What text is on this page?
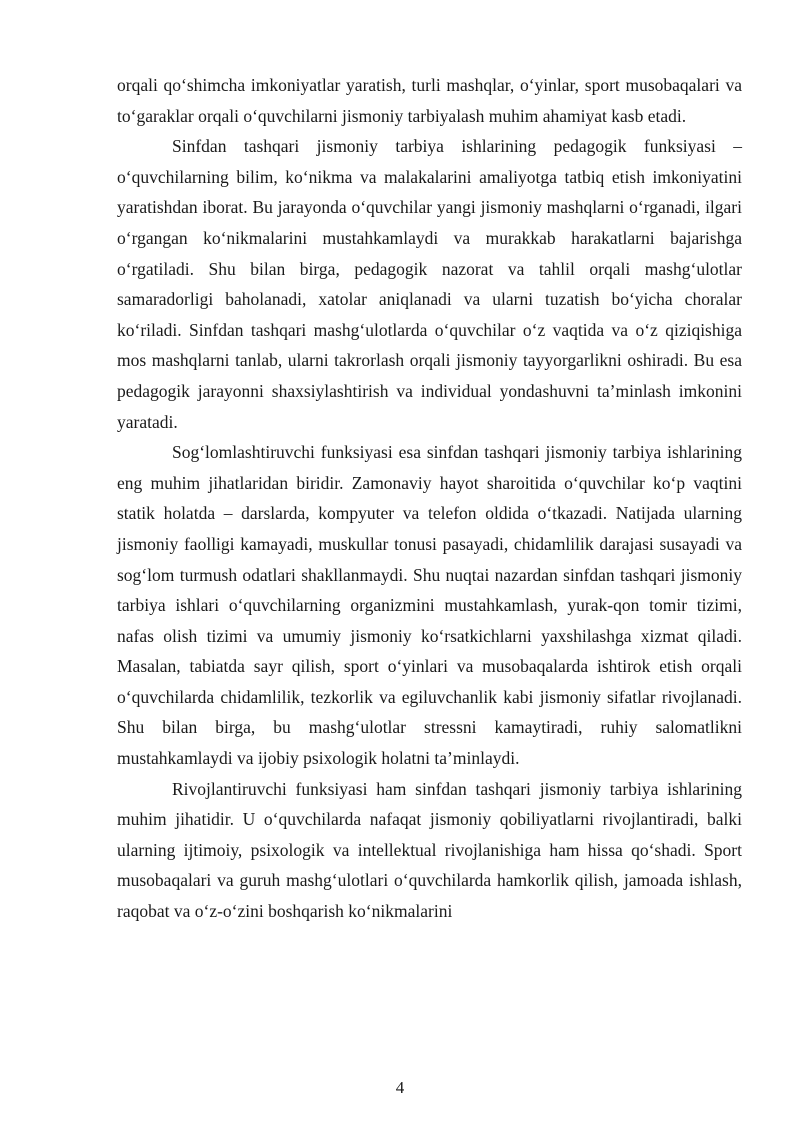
orqali qo‘shimcha imkoniyatlar yaratish, turli mashqlar, o‘yinlar, sport musobaqalari va to‘garaklar orqali o‘quvchilarni jismoniy tarbiyalash muhim ahamiyat kasb etadi.

Sinfdan tashqari jismoniy tarbiya ishlarining pedagogik funksiyasi – o‘quvchilarning bilim, ko‘nikma va malakalarini amaliyotga tatbiq etish imkoniyatini yaratishdan iborat. Bu jarayonda o‘quvchilar yangi jismoniy mashqlarni o‘rganadi, ilgari o‘rgangan ko‘nikmalarini mustahkamlaydi va murakkab harakatlarni bajarishga o‘rgatiladi. Shu bilan birga, pedagogik nazorat va tahlil orqali mashg‘ulotlar samaradorligi baholanadi, xatolar aniqlanadi va ularni tuzatish bo‘yicha choralar ko‘riladi. Sinfdan tashqari mashg‘ulotlarda o‘quvchilar o‘z vaqtida va o‘z qiziqishiga mos mashqlarni tanlab, ularni takrorlash orqali jismoniy tayyorgarlikni oshiradi. Bu esa pedagogik jarayonni shaxsiylashtirish va individual yondashuvni ta’minlash imkonini yaratadi.

Sog‘lomlashtiruvchi funksiyasi esa sinfdan tashqari jismoniy tarbiya ishlarining eng muhim jihatlaridan biridir. Zamonaviy hayot sharoitida o‘quvchilar ko‘p vaqtini statik holatda – darslarda, kompyuter va telefon oldida o‘tkazadi. Natijada ularning jismoniy faolligi kamayadi, muskullar tonusi pasayadi, chidamlilik darajasi susayadi va sog‘lom turmush odatlari shakllanmaydi. Shu nuqtai nazardan sinfdan tashqari jismoniy tarbiya ishlari o‘quvchilarning organizmini mustahkamlash, yurak-qon tomir tizimi, nafas olish tizimi va umumiy jismoniy ko‘rsatkichlarni yaxshilashga xizmat qiladi. Masalan, tabiatda sayr qilish, sport o‘yinlari va musobaqalarda ishtirok etish orqali o‘quvchilarda chidamlilik, tezkorlik va egiluvchanlik kabi jismoniy sifatlar rivojlanadi. Shu bilan birga, bu mashg‘ulotlar stressni kamaytiradi, ruhiy salomatlikni mustahkamlaydi va ijobiy psixologik holatni ta’minlaydi.

Rivojlantiruvchi funksiyasi ham sinfdan tashqari jismoniy tarbiya ishlarining muhim jihatidir. U o‘quvchilarda nafaqat jismoniy qobiliyatlarni rivojlantiradi, balki ularning ijtimoiy, psixologik va intellektual rivojlanishiga ham hissa qo‘shadi. Sport musobaqalari va guruh mashg‘ulotlari o‘quvchilarda hamkorlik qilish, jamoada ishlash, raqobat va o‘z-o‘zini boshqarish ko‘nikmalarini

4
